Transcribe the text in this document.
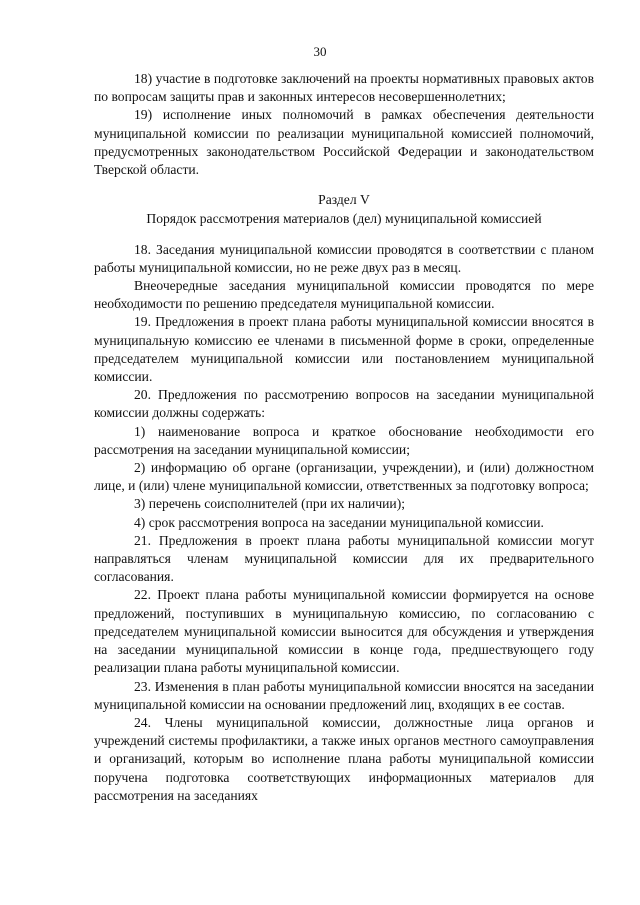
30

18) участие в подготовке заключений на проекты нормативных правовых актов по вопросам защиты прав и законных интересов несовершеннолетних;

19) исполнение иных полномочий в рамках обеспечения деятельности муниципальной комиссии по реализации муниципальной комиссией полномочий, предусмотренных законодательством Российской Федерации и законодательством Тверской области.

Раздел V

Порядок рассмотрения материалов (дел) муниципальной комиссией

18. Заседания муниципальной комиссии проводятся в соответствии с планом работы муниципальной комиссии, но не реже двух раз в месяц.

Внеочередные заседания муниципальной комиссии проводятся по мере необходимости по решению председателя муниципальной комиссии.

19. Предложения в проект плана работы муниципальной комиссии вносятся в муниципальную комиссию ее членами в письменной форме в сроки, определенные председателем муниципальной комиссии или постановлением муниципальной комиссии.

20. Предложения по рассмотрению вопросов на заседании муниципальной комиссии должны содержать:

1) наименование вопроса и краткое обоснование необходимости его рассмотрения на заседании муниципальной комиссии;

2) информацию об органе (организации, учреждении), и (или) должностном лице, и (или) члене муниципальной комиссии, ответственных за подготовку вопроса;

3) перечень соисполнителей (при их наличии);

4) срок рассмотрения вопроса на заседании муниципальной комиссии.

21. Предложения в проект плана работы муниципальной комиссии могут направляться членам муниципальной комиссии для их предварительного согласования.

22. Проект плана работы муниципальной комиссии формируется на основе предложений, поступивших в муниципальную комиссию, по согласованию с председателем муниципальной комиссии выносится для обсуждения и утверждения на заседании муниципальной комиссии в конце года, предшествующего году реализации плана работы муниципальной комиссии.

23. Изменения в план работы муниципальной комиссии вносятся на заседании муниципальной комиссии на основании предложений лиц, входящих в ее состав.

24. Члены муниципальной комиссии, должностные лица органов и учреждений системы профилактики, а также иных органов местного самоуправления и организаций, которым во исполнение плана работы муниципальной комиссии поручена подготовка соответствующих информационных материалов для рассмотрения на заседаниях
